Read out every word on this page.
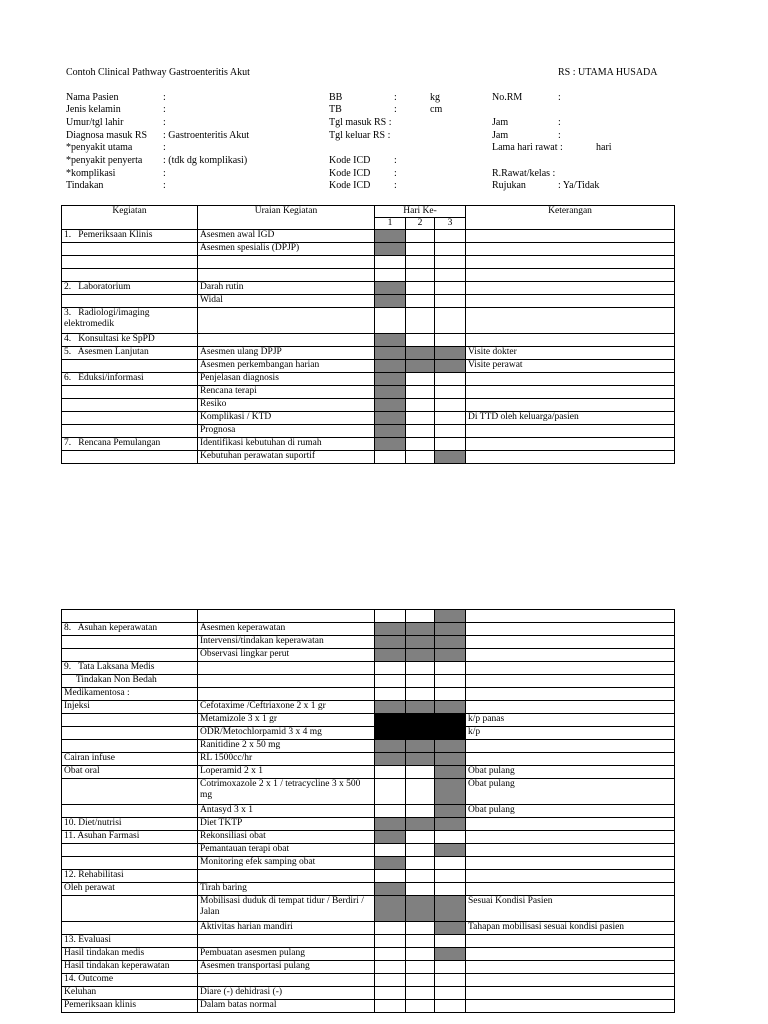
Contoh Clinical Pathway Gastroenteritis Akut	RS : UTAMA HUSADA
Nama Pasien	:
Jenis kelamin	:
Umur/tgl lahir	:
Diagnosa masuk RS : Gastroenteritis Akut
*penyakit utama	:
*penyakit penyerta : (tdk dg komplikasi)
*komplikasi	:
Tindakan	:
BB	:	kg
TB	:	cm
Tgl masuk RS :
Tgl keluar RS :
Kode ICD :
Kode ICD :
Kode ICD :
No.RM	:
Jam	:
Jam	:
Lama hari rawat :	hari
R.Rawat/kelas :
Rujukan	: Ya/Tidak
Kegiatan	Uraian Kegiatan	Hari Ke-			Keterangan
		1	2	3	
1.   Pemeriksaan Klinis	Asesmen awal IGD				
	Asesmen spesialis (DPJP)				

2.   Laboratorium	Darah rutin				
	Widal				
3.   Radiologi/imaging elektromedik					
4.   Konsultasi ke SpPD					
5.   Asesmen Lanjutan	Asesmen ulang DPJP				Visite dokter
	Asesmen perkembangan harian				Visite perawat
6.   Eduksi/informasi	Penjelasan diagnosis				
	Rencana terapi				
	Resiko				
	Komplikasi / KTD				Di TTD oleh keluarga/pasien
	Prognosa				
7.   Rencana Pemulangan	Identifikasi kebutuhan di rumah				
	Kebutuhan perawatan suportif				

8.   Asuhan keperawatan	Asesmen keperawatan				
	Intervensi/tindakan keperawatan				
	Observasi lingkar perut				
9.   Tata Laksana Medis					
Tindakan Non Bedah					
Medikamentosa :					
Injeksi	Cefotaxime /Ceftriaxone 2 x 1 gr				
	Metamizole 3 x 1 gr				k/p panas
	ODR/Metochlorpamid 3 x 4 mg				k/p
	Ranitidine 2 x 50 mg				
Cairan infuse	RL 1500cc/hr				
Obat oral	Loperamid 2 x 1				Obat pulang
	Cotrimoxazole 2 x 1 / tetracycline 3 x 500 mg				Obat pulang
	Antasyd 3 x 1				Obat pulang
10. Diet/nutrisi	Diet TKTP				
11. Asuhan Farmasi	Rekonsiliasi obat				
	Pemantauan terapi obat				
	Monitoring efek samping obat				
12. Rehabilitasi					
Oleh perawat	Tirah baring				
	Mobilisasi duduk di tempat tidur / Berdiri / Jalan				Sesuai Kondisi Pasien
	Aktivitas harian mandiri				Tahapan mobilisasi sesuai kondisi pasien
13. Evaluasi					
Hasil tindakan medis	Pembuatan asesmen pulang				
Hasil tindakan keperawatan	Asesmen transportasi pulang				
14. Outcome					
Keluhan	Diare (-) dehidrasi (-)				
Pemeriksaan klinis	Dalam batas normal				
